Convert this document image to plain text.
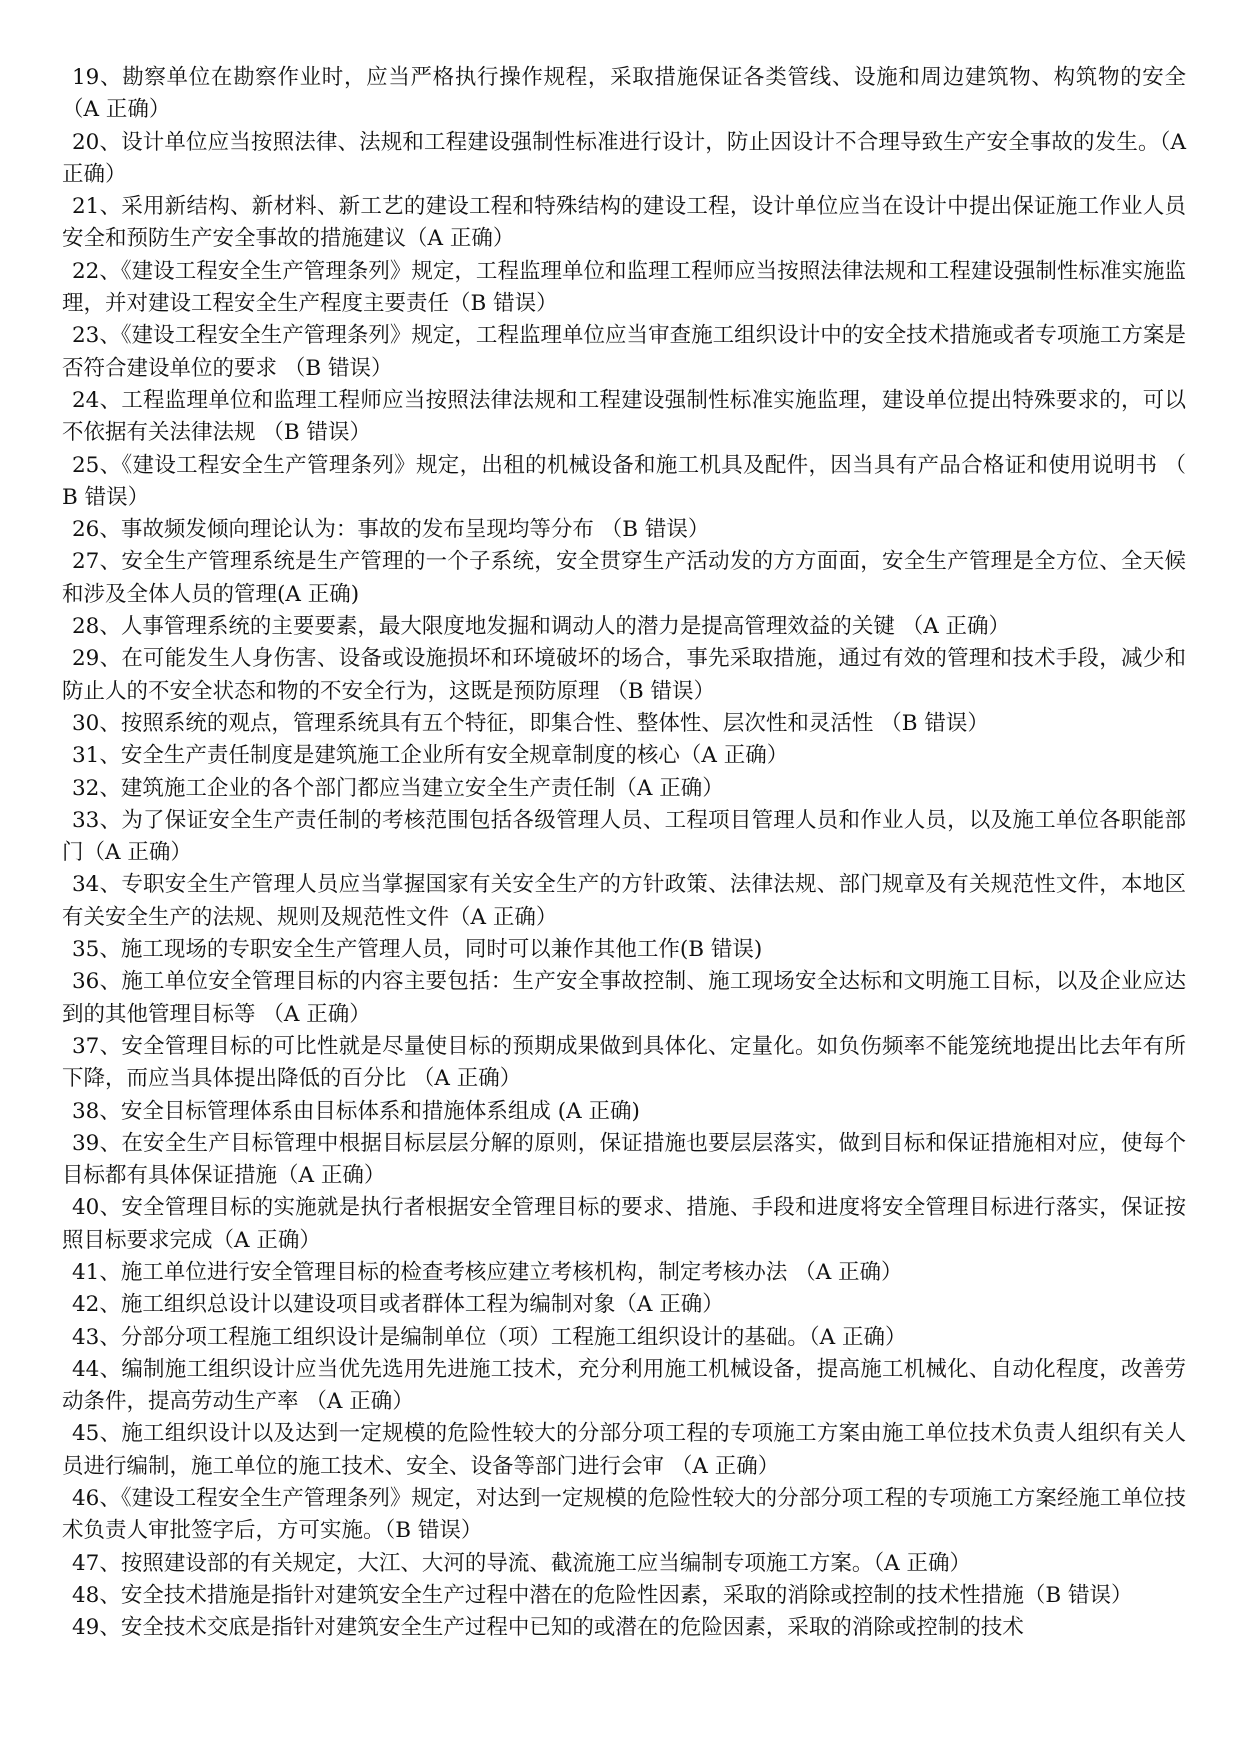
19、勘察单位在勘察作业时，应当严格执行操作规程，采取措施保证各类管线、设施和周边建筑物、构筑物的安全 （A 正确）

20、设计单位应当按照法律、法规和工程建设强制性标准进行设计，防止因设计不合理导致生产安全事故的发生。（A 正确）

21、采用新结构、新材料、新工艺的建设工程和特殊结构的建设工程，设计单位应当在设计中提出保证施工作业人员安全和预防生产安全事故的措施建议（A 正确）

22、《建设工程安全生产管理条列》规定，工程监理单位和监理工程师应当按照法律法规和工程建设强制性标准实施监理，并对建设工程安全生产程度主要责任（B 错误）

23、《建设工程安全生产管理条列》规定，工程监理单位应当审查施工组织设计中的安全技术措施或者专项施工方案是否符合建设单位的要求 （B 错误）

24、工程监理单位和监理工程师应当按照法律法规和工程建设强制性标准实施监理，建设单位提出特殊要求的，可以不依据有关法律法规 （B 错误）

25、《建设工程安全生产管理条列》规定，出租的机械设备和施工机具及配件，因当具有产品合格证和使用说明书 （ B 错误）

26、事故频发倾向理论认为：事故的发布呈现均等分布 （B 错误）

27、安全生产管理系统是生产管理的一个子系统，安全贯穿生产活动发的方方面面，安全生产管理是全方位、全天候和涉及全体人员的管理(A 正确)

28、人事管理系统的主要要素，最大限度地发掘和调动人的潜力是提高管理效益的关键 （A 正确）

29、在可能发生人身伤害、设备或设施损坏和环境破坏的场合，事先采取措施，通过有效的管理和技术手段，减少和防止人的不安全状态和物的不安全行为，这既是预防原理 （B 错误）

30、按照系统的观点，管理系统具有五个特征，即集合性、整体性、层次性和灵活性 （B 错误）

31、安全生产责任制度是建筑施工企业所有安全规章制度的核心（A 正确）

32、建筑施工企业的各个部门都应当建立安全生产责任制（A 正确）

33、为了保证安全生产责任制的考核范围包括各级管理人员、工程项目管理人员和作业人员，以及施工单位各职能部门（A 正确）

34、专职安全生产管理人员应当掌握国家有关安全生产的方针政策、法律法规、部门规章及有关规范性文件，本地区有关安全生产的法规、规则及规范性文件（A 正确）

35、施工现场的专职安全生产管理人员，同时可以兼作其他工作(B 错误)

36、施工单位安全管理目标的内容主要包括：生产安全事故控制、施工现场安全达标和文明施工目标，以及企业应达到的其他管理目标等 （A 正确）

37、安全管理目标的可比性就是尽量使目标的预期成果做到具体化、定量化。如负伤频率不能笼统地提出比去年有所下降，而应当具体提出降低的百分比 （A 正确）

38、安全目标管理体系由目标体系和措施体系组成 (A 正确)

39、在安全生产目标管理中根据目标层层分解的原则，保证措施也要层层落实，做到目标和保证措施相对应，使每个目标都有具体保证措施（A 正确）

40、安全管理目标的实施就是执行者根据安全管理目标的要求、措施、手段和进度将安全管理目标进行落实，保证按照目标要求完成（A 正确）

41、施工单位进行安全管理目标的检查考核应建立考核机构，制定考核办法 （A 正确）

42、施工组织总设计以建设项目或者群体工程为编制对象（A 正确）

43、分部分项工程施工组织设计是编制单位（项）工程施工组织设计的基础。（A 正确）

44、编制施工组织设计应当优先选用先进施工技术，充分利用施工机械设备，提高施工机械化、自动化程度，改善劳动条件，提高劳动生产率 （A 正确）

45、施工组织设计以及达到一定规模的危险性较大的分部分项工程的专项施工方案由施工单位技术负责人组织有关人员进行编制，施工单位的施工技术、安全、设备等部门进行会审 （A 正确）

46、《建设工程安全生产管理条列》规定，对达到一定规模的危险性较大的分部分项工程的专项施工方案经施工单位技术负责人审批签字后，方可实施。（B 错误）

47、按照建设部的有关规定，大江、大河的导流、截流施工应当编制专项施工方案。（A 正确）

48、安全技术措施是指针对建筑安全生产过程中潜在的危险性因素，采取的消除或控制的技术性措施（B 错误）

49、安全技术交底是指针对建筑安全生产过程中已知的或潜在的危险因素，采取的消除或控制的技术
